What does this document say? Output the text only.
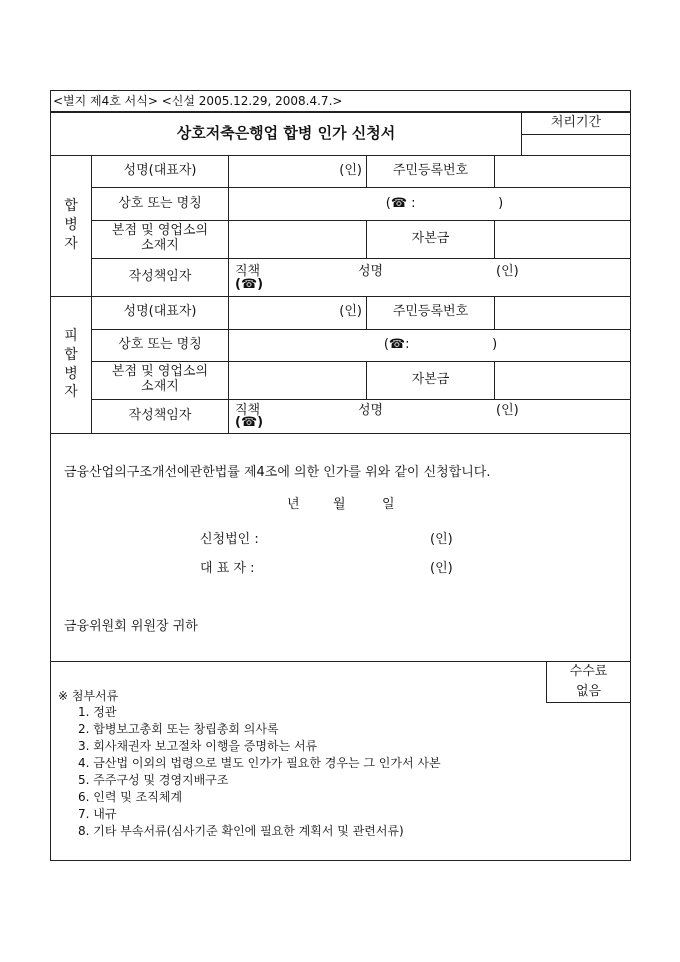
<별지 제4호 서식> <신설 2005.12.29, 2008.4.7.>
상호저축은행업 합병 인가 신청서
처리기간
합
병
자
성명(대표자)	(인)	주민등록번호
상호 또는 명칭	(☎ :                    )
본점 및 영업소의
소재지	자본금
작성책임자	직책	성명	(인)
(☎)
피
합
병
자
성명(대표자)	(인)	주민등록번호
상호 또는 명칭	(☎:                    )
본점 및 영업소의
소재지	자본금
작성책임자	직책	성명	(인)
(☎)
금융산업의구조개선에관한법률 제4조에 의한 인가를 위와 같이 신청합니다.
년	월	일
신청법인 :	(인)
대 표 자 :	(인)
금융위원회 위원장 귀하
수수료
없음
※ 첨부서류
1. 정관
2. 합병보고총회 또는 창립총회 의사록
3. 회사채권자 보고절차 이행을 증명하는 서류
4. 금산법 이외의 법령으로 별도 인가가 필요한 경우는 그 인가서 사본
5. 주주구성 및 경영지배구조
6. 인력 및 조직체계
7. 내규
8. 기타 부속서류(심사기준 확인에 필요한 계획서 및 관련서류)
